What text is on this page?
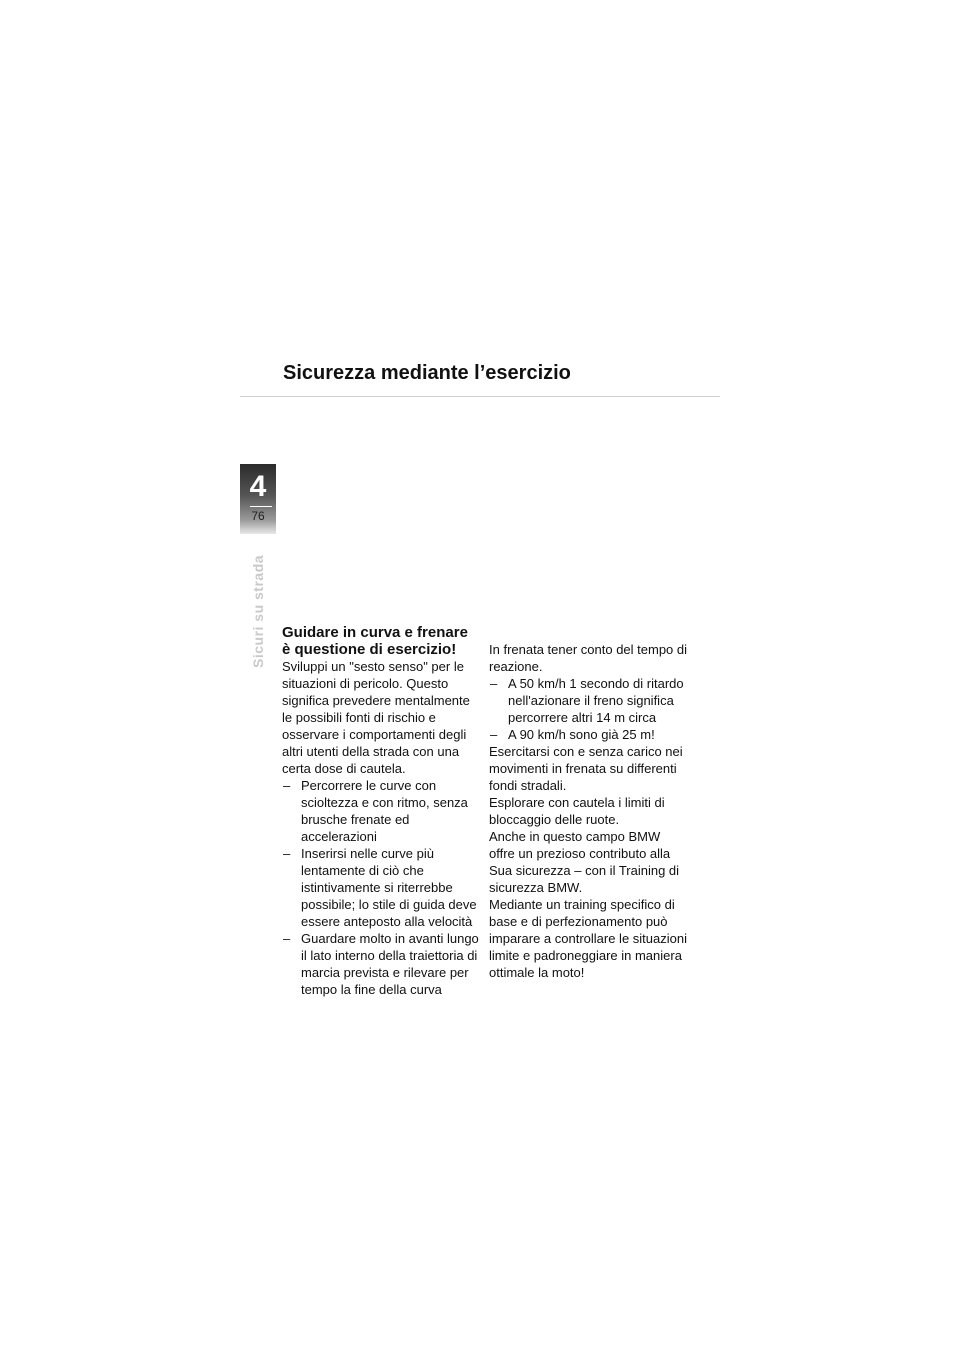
Sicurezza mediante l’esercizio
4
76
Sicuri su strada Guidare in curva e frenare
è questione di esercizio!

Sviluppi un "sesto senso" per le situazioni di pericolo. Questo significa prevedere mentalmente le possibili fonti di rischio e osservare i comportamenti degli altri utenti della strada con una certa dose di cautela.

– Percorrere le curve con scioltezza e con ritmo, senza brusche frenate ed accelerazioni
– Inserirsi nelle curve più lentamente di ciò che istintivamente si riterrebbe possibile; lo stile di guida deve essere anteposto alla velocità
– Guardare molto in avanti lungo il lato interno della traiettoria di marcia prevista e rilevare per tempo la fine della curva

In frenata tener conto del tempo di reazione.

– A 50 km/h 1 secondo di ritardo nell'azionare il freno significa percorrere altri 14 m circa
– A 90 km/h sono già 25 m!

Esercitarsi con e senza carico nei movimenti in frenata su differenti fondi stradali.

Esplorare con cautela i limiti di bloccaggio delle ruote.

Anche in questo campo BMW offre un prezioso contributo alla Sua sicurezza – con il Training di sicurezza BMW.

Mediante un training specifico di base e di perfezionamento può imparare a controllare le situazioni limite e padroneggiare in maniera ottimale la moto!
